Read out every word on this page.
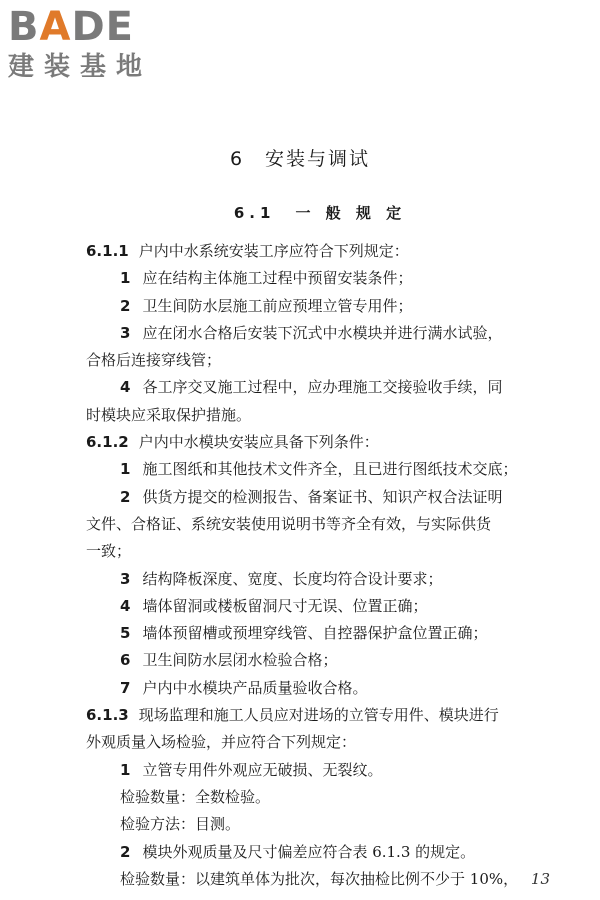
BADE
建装基地
6　安装与调试
6.1　一 般 规 定
6.1.1 户内中水系统安装工序应符合下列规定：
1 应在结构主体施工过程中预留安装条件；
2 卫生间防水层施工前应预埋立管专用件；
3 应在闭水合格后安装下沉式中水模块并进行满水试验，
合格后连接穿线管；
4 各工序交叉施工过程中，应办理施工交接验收手续，同
时模块应采取保护措施。
6.1.2 户内中水模块安装应具备下列条件：
1 施工图纸和其他技术文件齐全，且已进行图纸技术交底；
2 供货方提交的检测报告、备案证书、知识产权合法证明
文件、合格证、系统安装使用说明书等齐全有效，与实际供货
一致；
3 结构降板深度、宽度、长度均符合设计要求；
4 墙体留洞或楼板留洞尺寸无误、位置正确；
5 墙体预留槽或预埋穿线管、自控器保护盒位置正确；
6 卫生间防水层闭水检验合格；
7 户内中水模块产品质量验收合格。
6.1.3 现场监理和施工人员应对进场的立管专用件、模块进行
外观质量入场检验，并应符合下列规定：
1 立管专用件外观应无破损、无裂纹。
检验数量：全数检验。
检验方法：目测。
2 模块外观质量及尺寸偏差应符合表 6.1.3 的规定。
检验数量：以建筑单体为批次，每次抽检比例不少于 10%， 13
